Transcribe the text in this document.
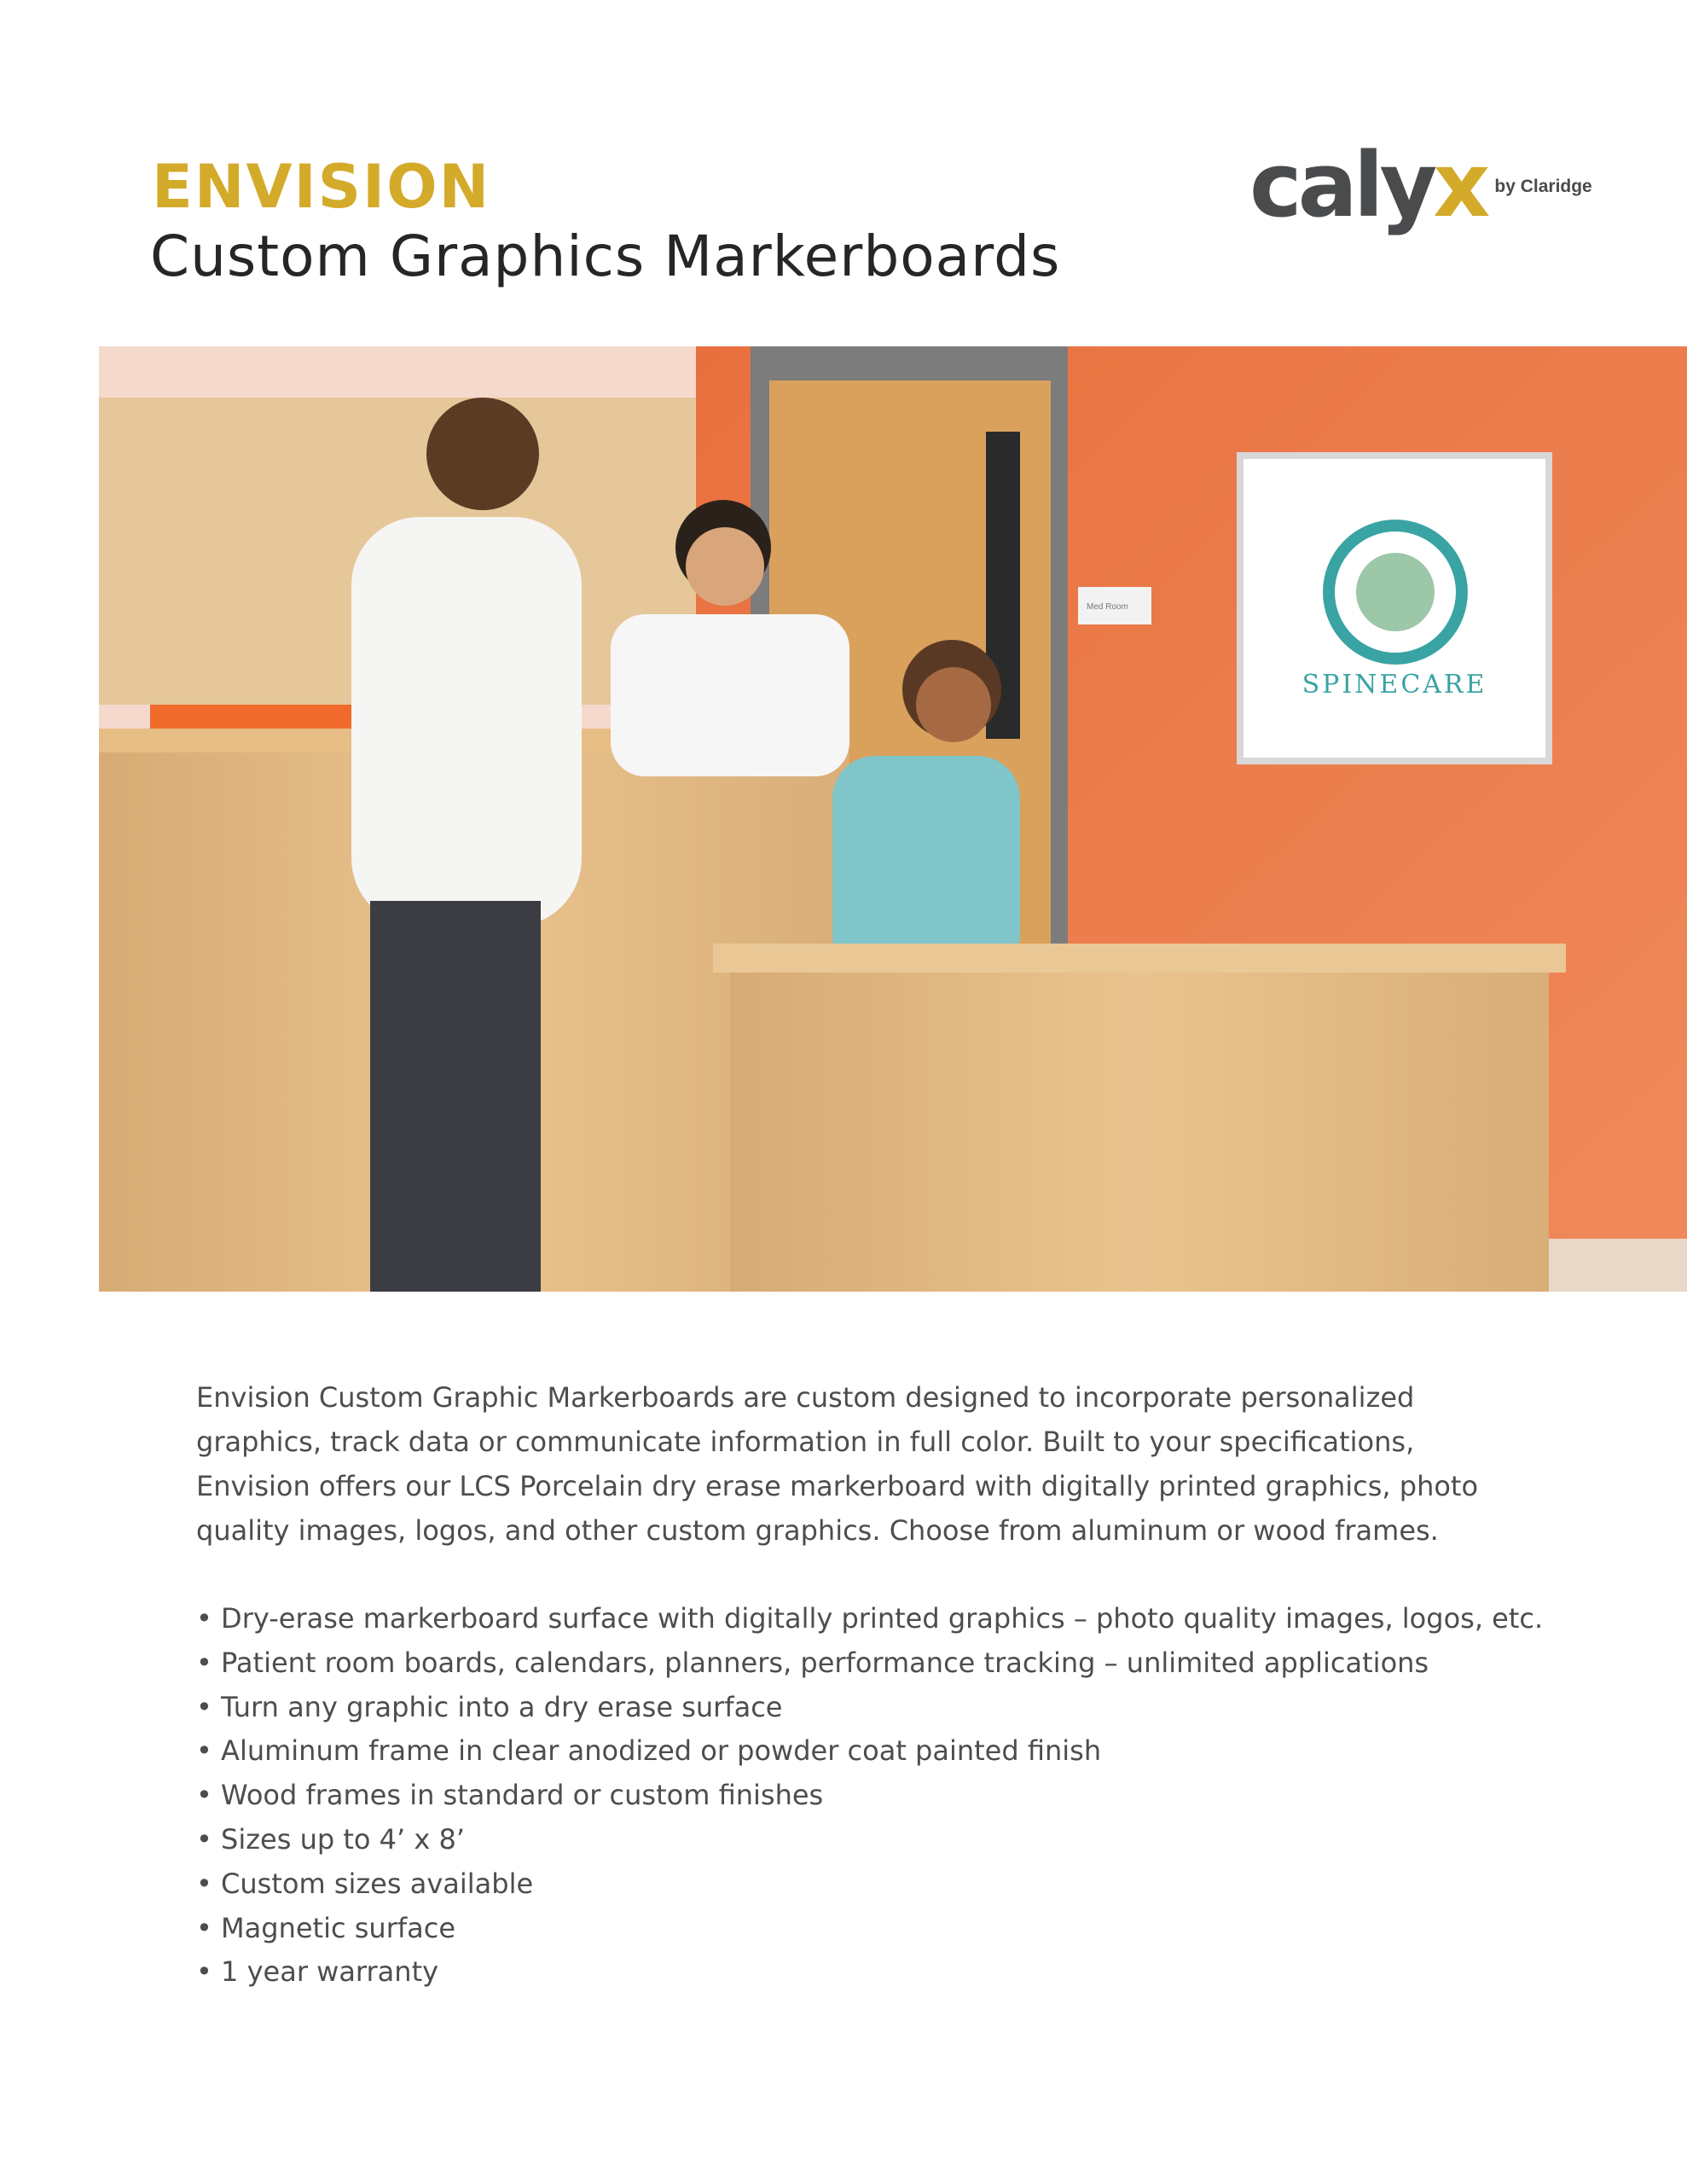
ENVISION
Custom Graphics Markerboards
calyx by Claridge
Med Room
SPINECARE
Envision Custom Graphic Markerboards are custom designed to incorporate personalized graphics, track data or communicate information in full color. Built to your specifications, Envision offers our LCS Porcelain dry erase markerboard with digitally printed graphics, photo quality images, logos, and other custom graphics. Choose from aluminum or wood frames.
• Dry-erase markerboard surface with digitally printed graphics – photo quality images, logos, etc.
• Patient room boards, calendars, planners, performance tracking – unlimited applications
• Turn any graphic into a dry erase surface
• Aluminum frame in clear anodized or powder coat painted finish
• Wood frames in standard or custom finishes
• Sizes up to 4’ x 8’
• Custom sizes available
• Magnetic surface
• 1 year warranty
